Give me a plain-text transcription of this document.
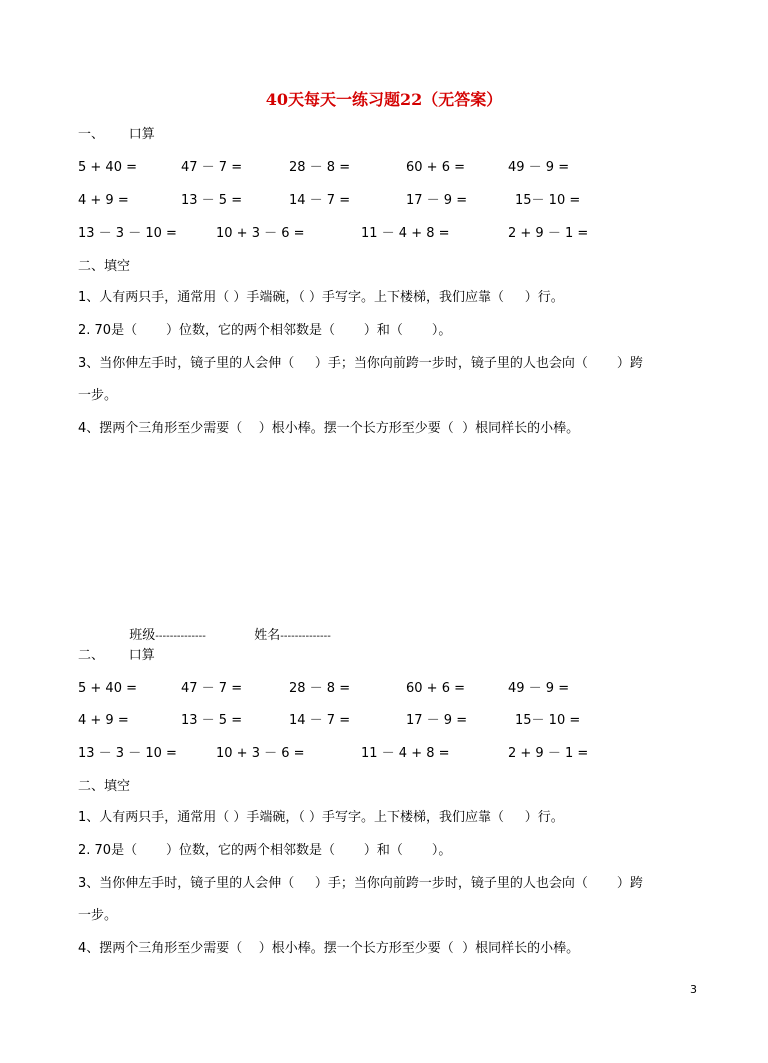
40天每天一练习题22（无答案）
一、      口算
5 + 40 =	47 － 7 =	28 － 8 =	60 + 6 =	49 － 9 =
4 + 9 =	13 － 5 =	14 － 7 =	17 － 9 =	15－ 10 =
13 － 3 － 10 =	10 + 3 － 6 =	11 － 4 + 8 =	2 + 9 － 1 =
二、填空
1、人有两只手，通常用（ ）手端碗，（ ）手写字。上下楼梯，我们应靠（     ）行。
2. 70是（       ）位数，它的两个相邻数是（       ）和（       ）。
3、当你伸左手时，镜子里的人会伸（     ）手；当你向前跨一步时，镜子里的人也会向（       ）跨
一步。
4、摆两个三角形至少需要（    ）根小棒。摆一个长方形至少要（  ）根同样长的小棒。

班级--------------	姓名--------------

二、      口算
5 + 40 =	47 － 7 =	28 － 8 =	60 + 6 =	49 － 9 =
4 + 9 =	13 － 5 =	14 － 7 =	17 － 9 =	15－ 10 =
13 － 3 － 10 =	10 + 3 － 6 =	11 － 4 + 8 =	2 + 9 － 1 =
二、填空
1、人有两只手，通常用（ ）手端碗，（ ）手写字。上下楼梯，我们应靠（     ）行。
2. 70是（       ）位数，它的两个相邻数是（       ）和（       ）。
3、当你伸左手时，镜子里的人会伸（     ）手；当你向前跨一步时，镜子里的人也会向（       ）跨
一步。
4、摆两个三角形至少需要（    ）根小棒。摆一个长方形至少要（  ）根同样长的小棒。
3
